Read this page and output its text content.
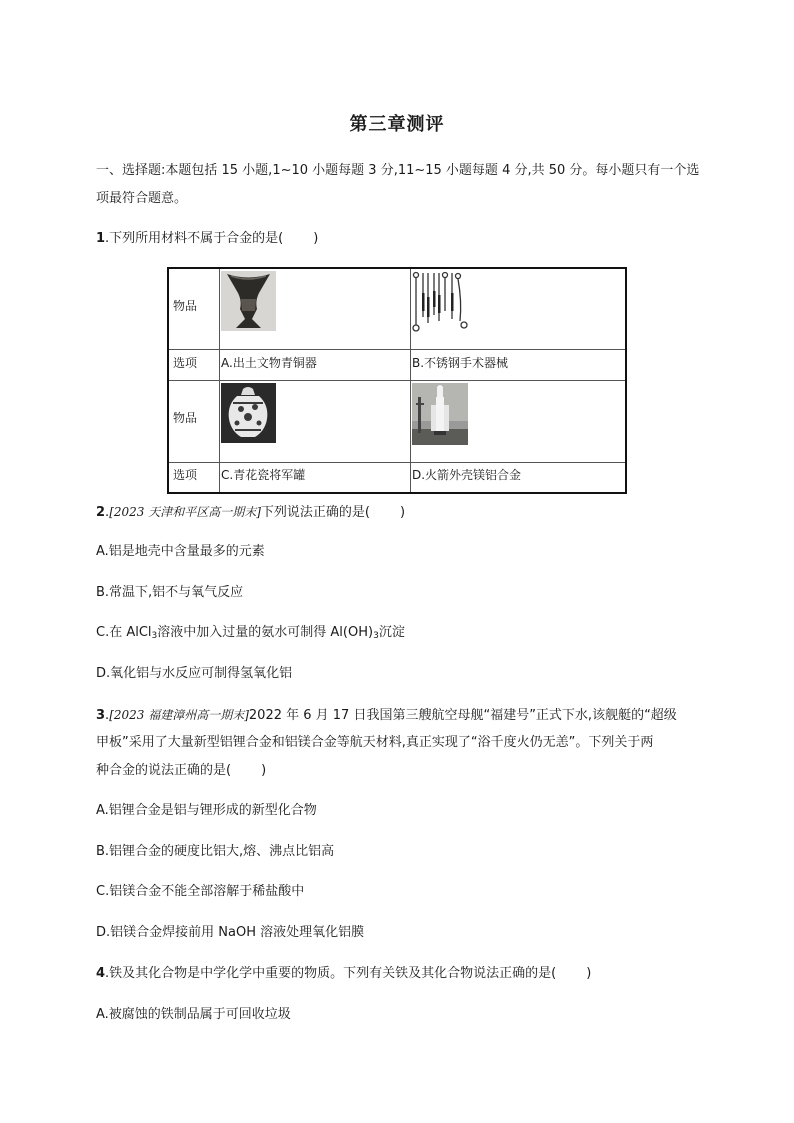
第三章测评
一、选择题:本题包括 15 小题,1~10 小题每题 3 分,11~15 小题每题 4 分,共 50 分。每小题只有一个选
项最符合题意。
1.下列所用材料不属于合金的是( )
物品
选项
物品
选项
A.出土文物青铜器	B.不锈钢手术器械
C.青花瓷将军罐	D.火箭外壳镁铝合金
2.[2023 天津和平区高一期末]下列说法正确的是( )
A.铝是地壳中含量最多的元素
B.常温下,铝不与氧气反应
C.在 AlCl$_3$溶液中加入过量的氨水可制得 $Al(OH)_3$沉淀
D.氧化铝与水反应可制得氢氧化铝
3.[2023 福建漳州高一期末]2022 年 6 月 17 日我国第三艘航空母舰“福建号”正式下水,该舰艇的“超级
甲板”采用了大量新型铝锂合金和铝镁合金等航天材料,真正实现了“浴千度火仍无恙”。下列关于两
种合金的说法正确的是( )
A.铝锂合金是铝与锂形成的新型化合物
B.铝锂合金的硬度比铝大,熔、沸点比铝高
C.铝镁合金不能全部溶解于稀盐酸中
D.铝镁合金焊接前用 NaOH 溶液处理氧化铝膜
4.铁及其化合物是中学化学中重要的物质。下列有关铁及其化合物说法正确的是( )
A.被腐蚀的铁制品属于可回收垃圾
